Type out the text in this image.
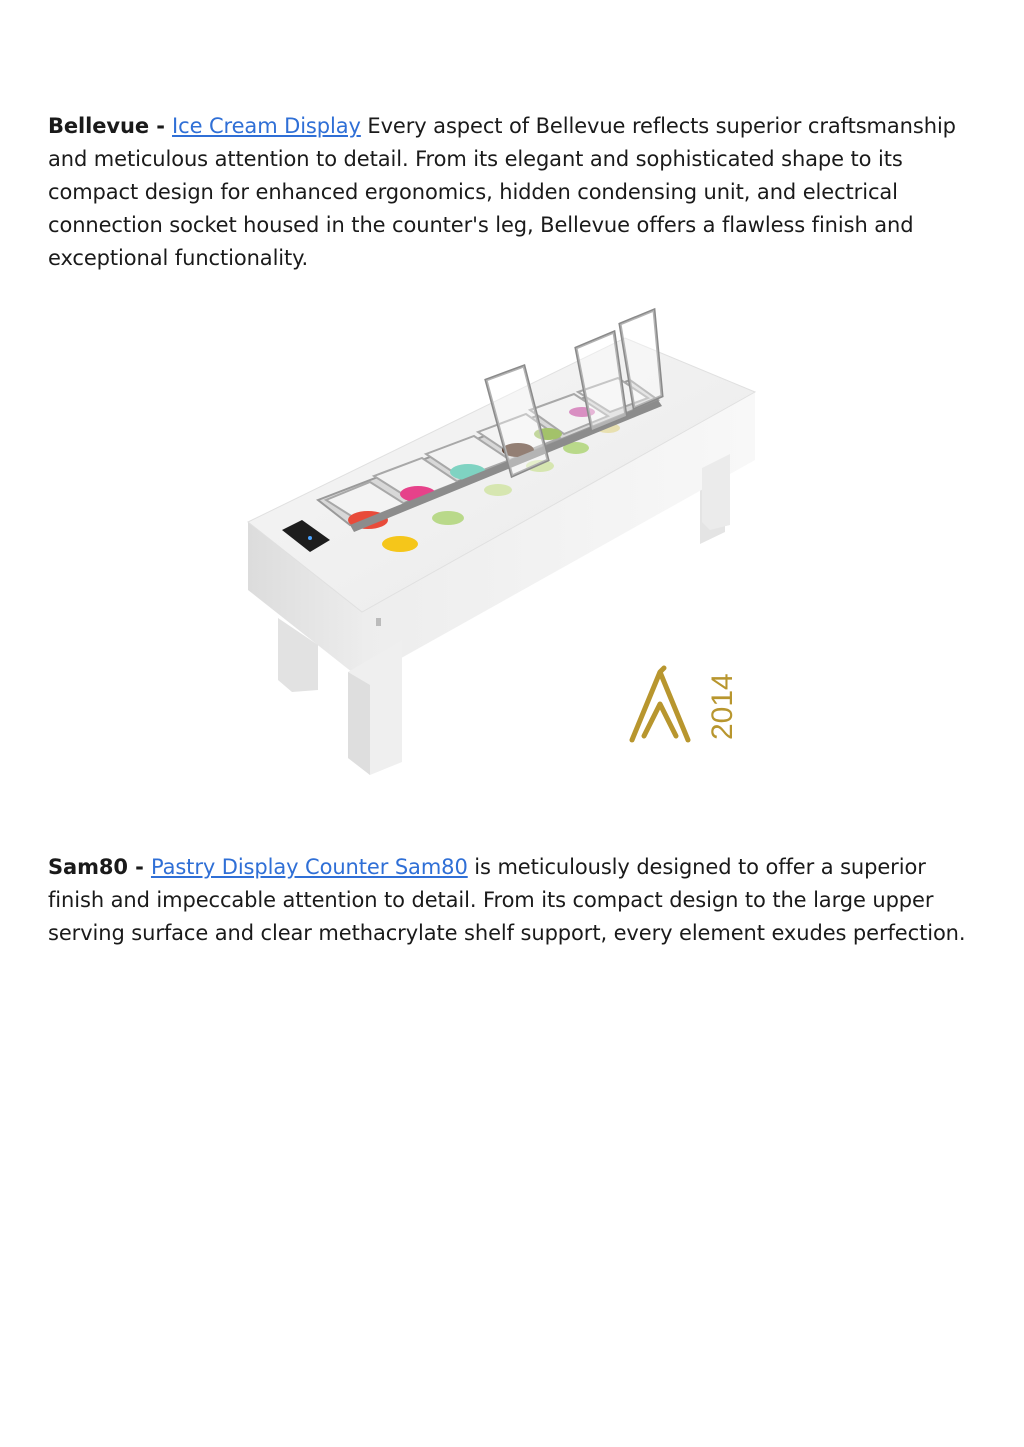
Bellevue - Ice Cream Display Every aspect of Bellevue reflects superior craftsmanship and meticulous attention to detail. From its elegant and sophisticated shape to its compact design for enhanced ergonomics, hidden condensing unit, and electrical connection socket housed in the counter's leg, Bellevue offers a flawless finish and exceptional functionality.

2014

Sam80 - Pastry Display Counter Sam80 is meticulously designed to offer a superior finish and impeccable attention to detail. From its compact design to the large upper serving surface and clear methacrylate shelf support, every element exudes perfection.
